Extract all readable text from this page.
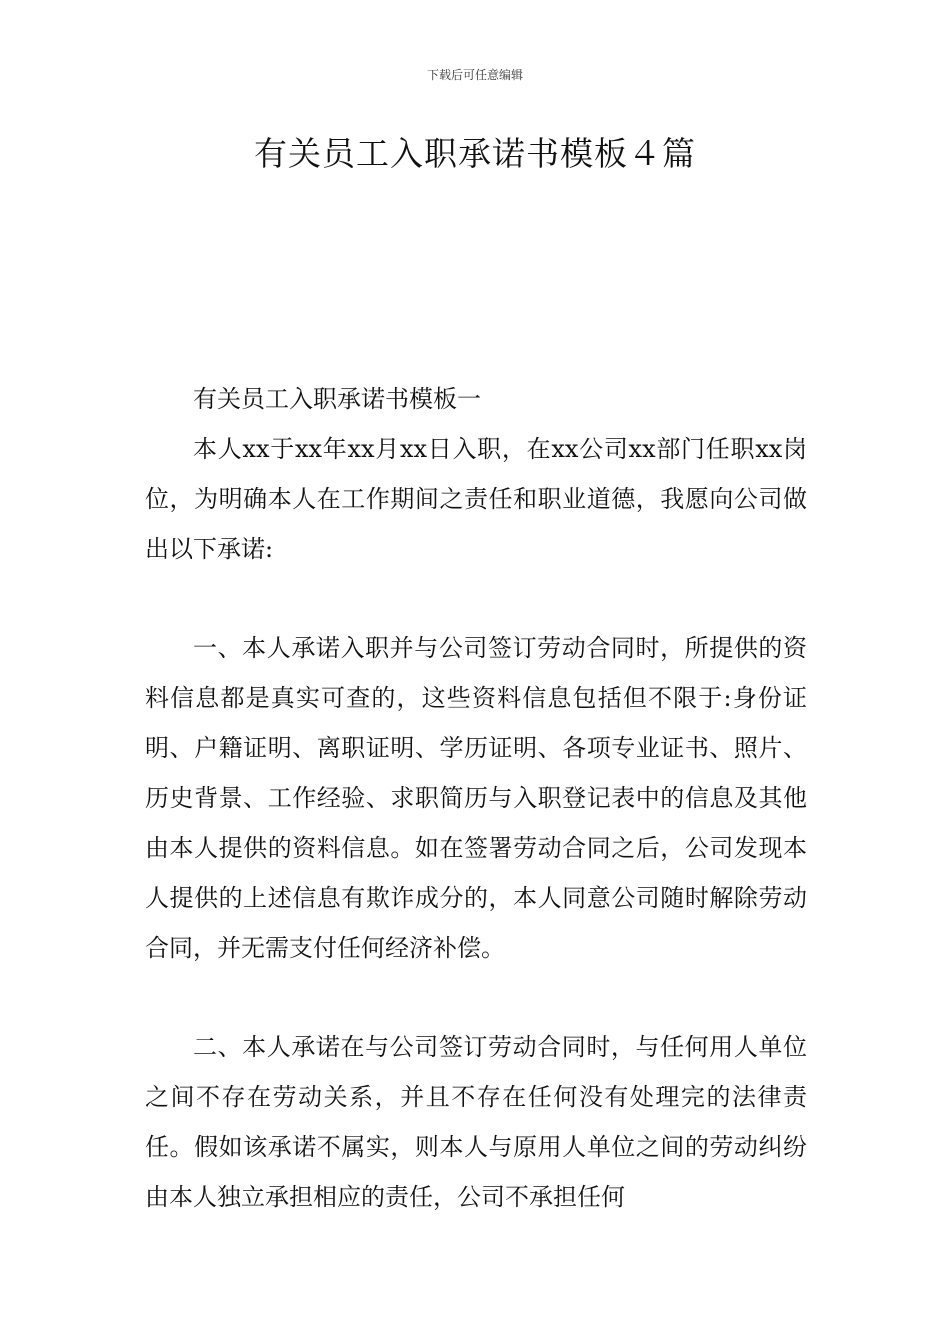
下载后可任意编辑
有关员工入职承诺书模板４篇

有关员工入职承诺书模板一

本人xx于xx年xx月xx日入职，在xx公司xx部门任职xx岗位，为明确本人在工作期间之责任和职业道德，我愿向公司做出以下承诺:

一、本人承诺入职并与公司签订劳动合同时，所提供的资料信息都是真实可查的，这些资料信息包括但不限于:身份证明、户籍证明、离职证明、学历证明、各项专业证书、照片、历史背景、工作经验、求职简历与入职登记表中的信息及其他由本人提供的资料信息。如在签署劳动合同之后，公司发现本人提供的上述信息有欺诈成分的，本人同意公司随时解除劳动合同，并无需支付任何经济补偿。

二、本人承诺在与公司签订劳动合同时，与任何用人单位之间不存在劳动关系，并且不存在任何没有处理完的法律责任。假如该承诺不属实，则本人与原用人单位之间的劳动纠纷由本人独立承担相应的责任，公司不承担任何
